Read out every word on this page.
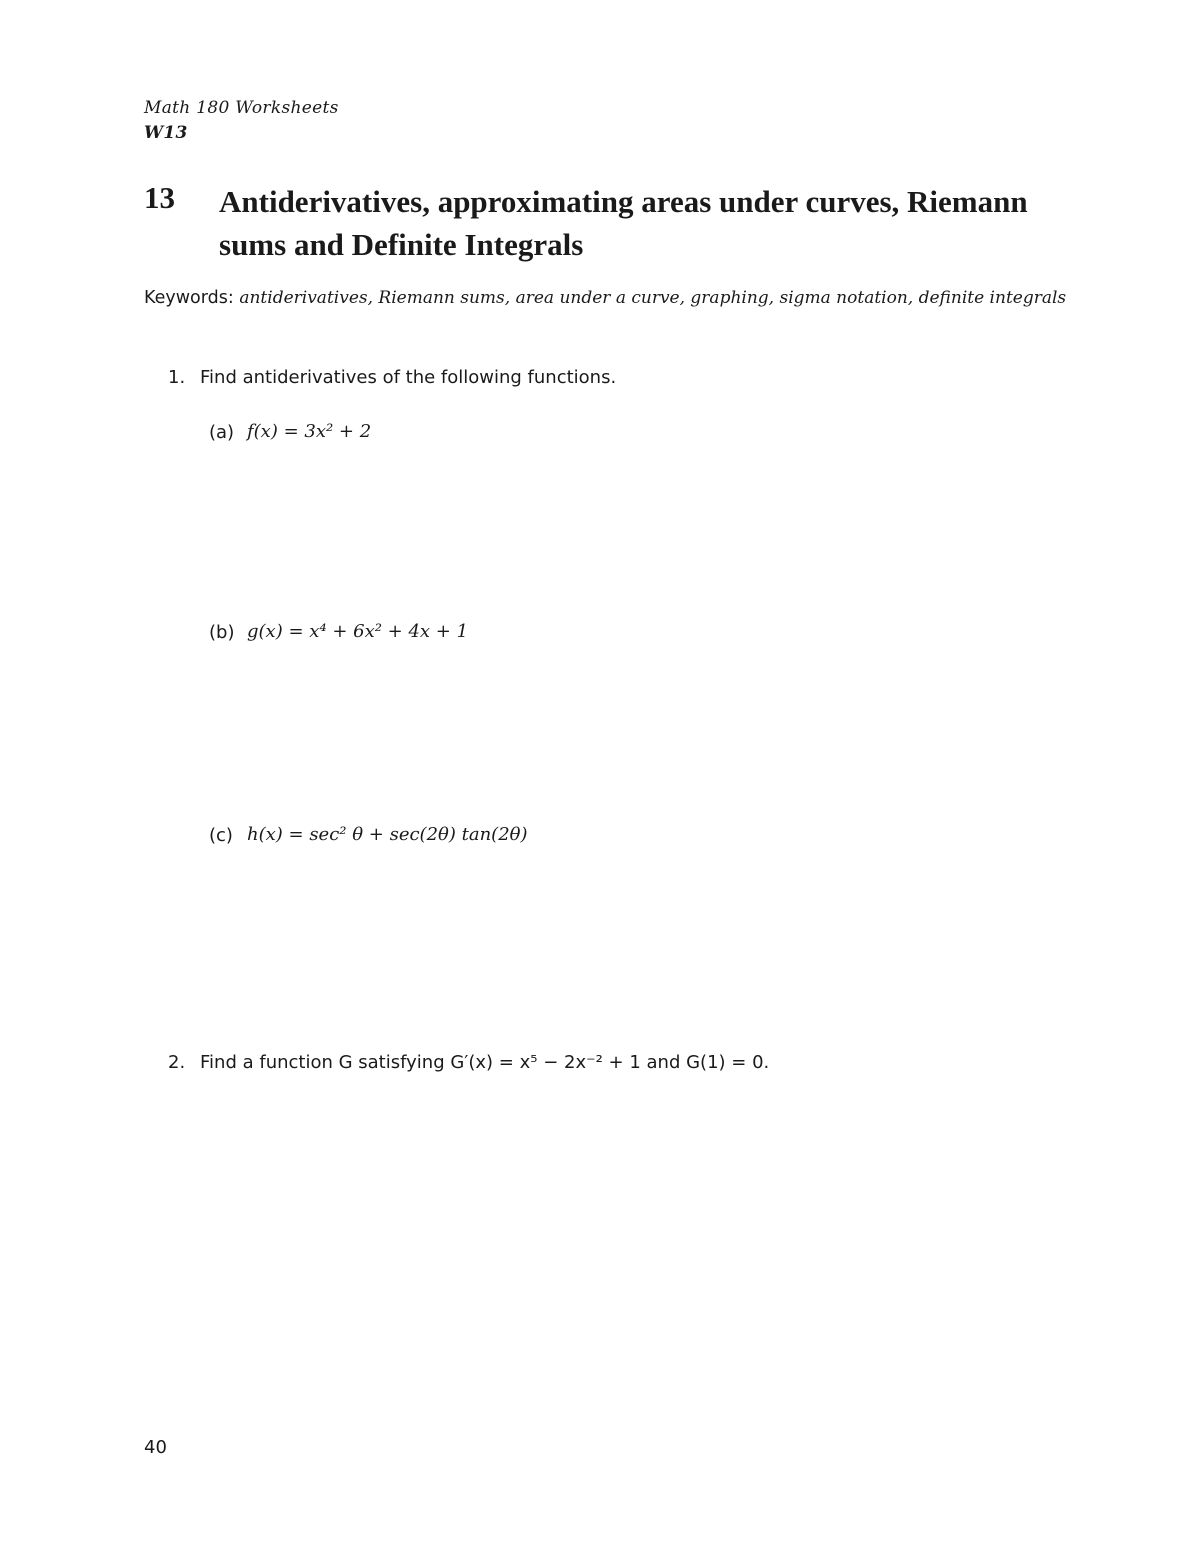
Math 180 Worksheets
W13
13 Antiderivatives, approximating areas under curves, Riemann sums and Definite Integrals
Keywords: antiderivatives, Riemann sums, area under a curve, graphing, sigma notation, definite integrals
1. Find antiderivatives of the following functions.
(a) f(x) = 3x² + 2
(b) g(x) = x⁴ + 6x² + 4x + 1
(c) h(x) = sec² θ + sec(2θ) tan(2θ)
2. Find a function G satisfying G′(x) = x⁵ − 2x⁻² + 1 and G(1) = 0.
40
